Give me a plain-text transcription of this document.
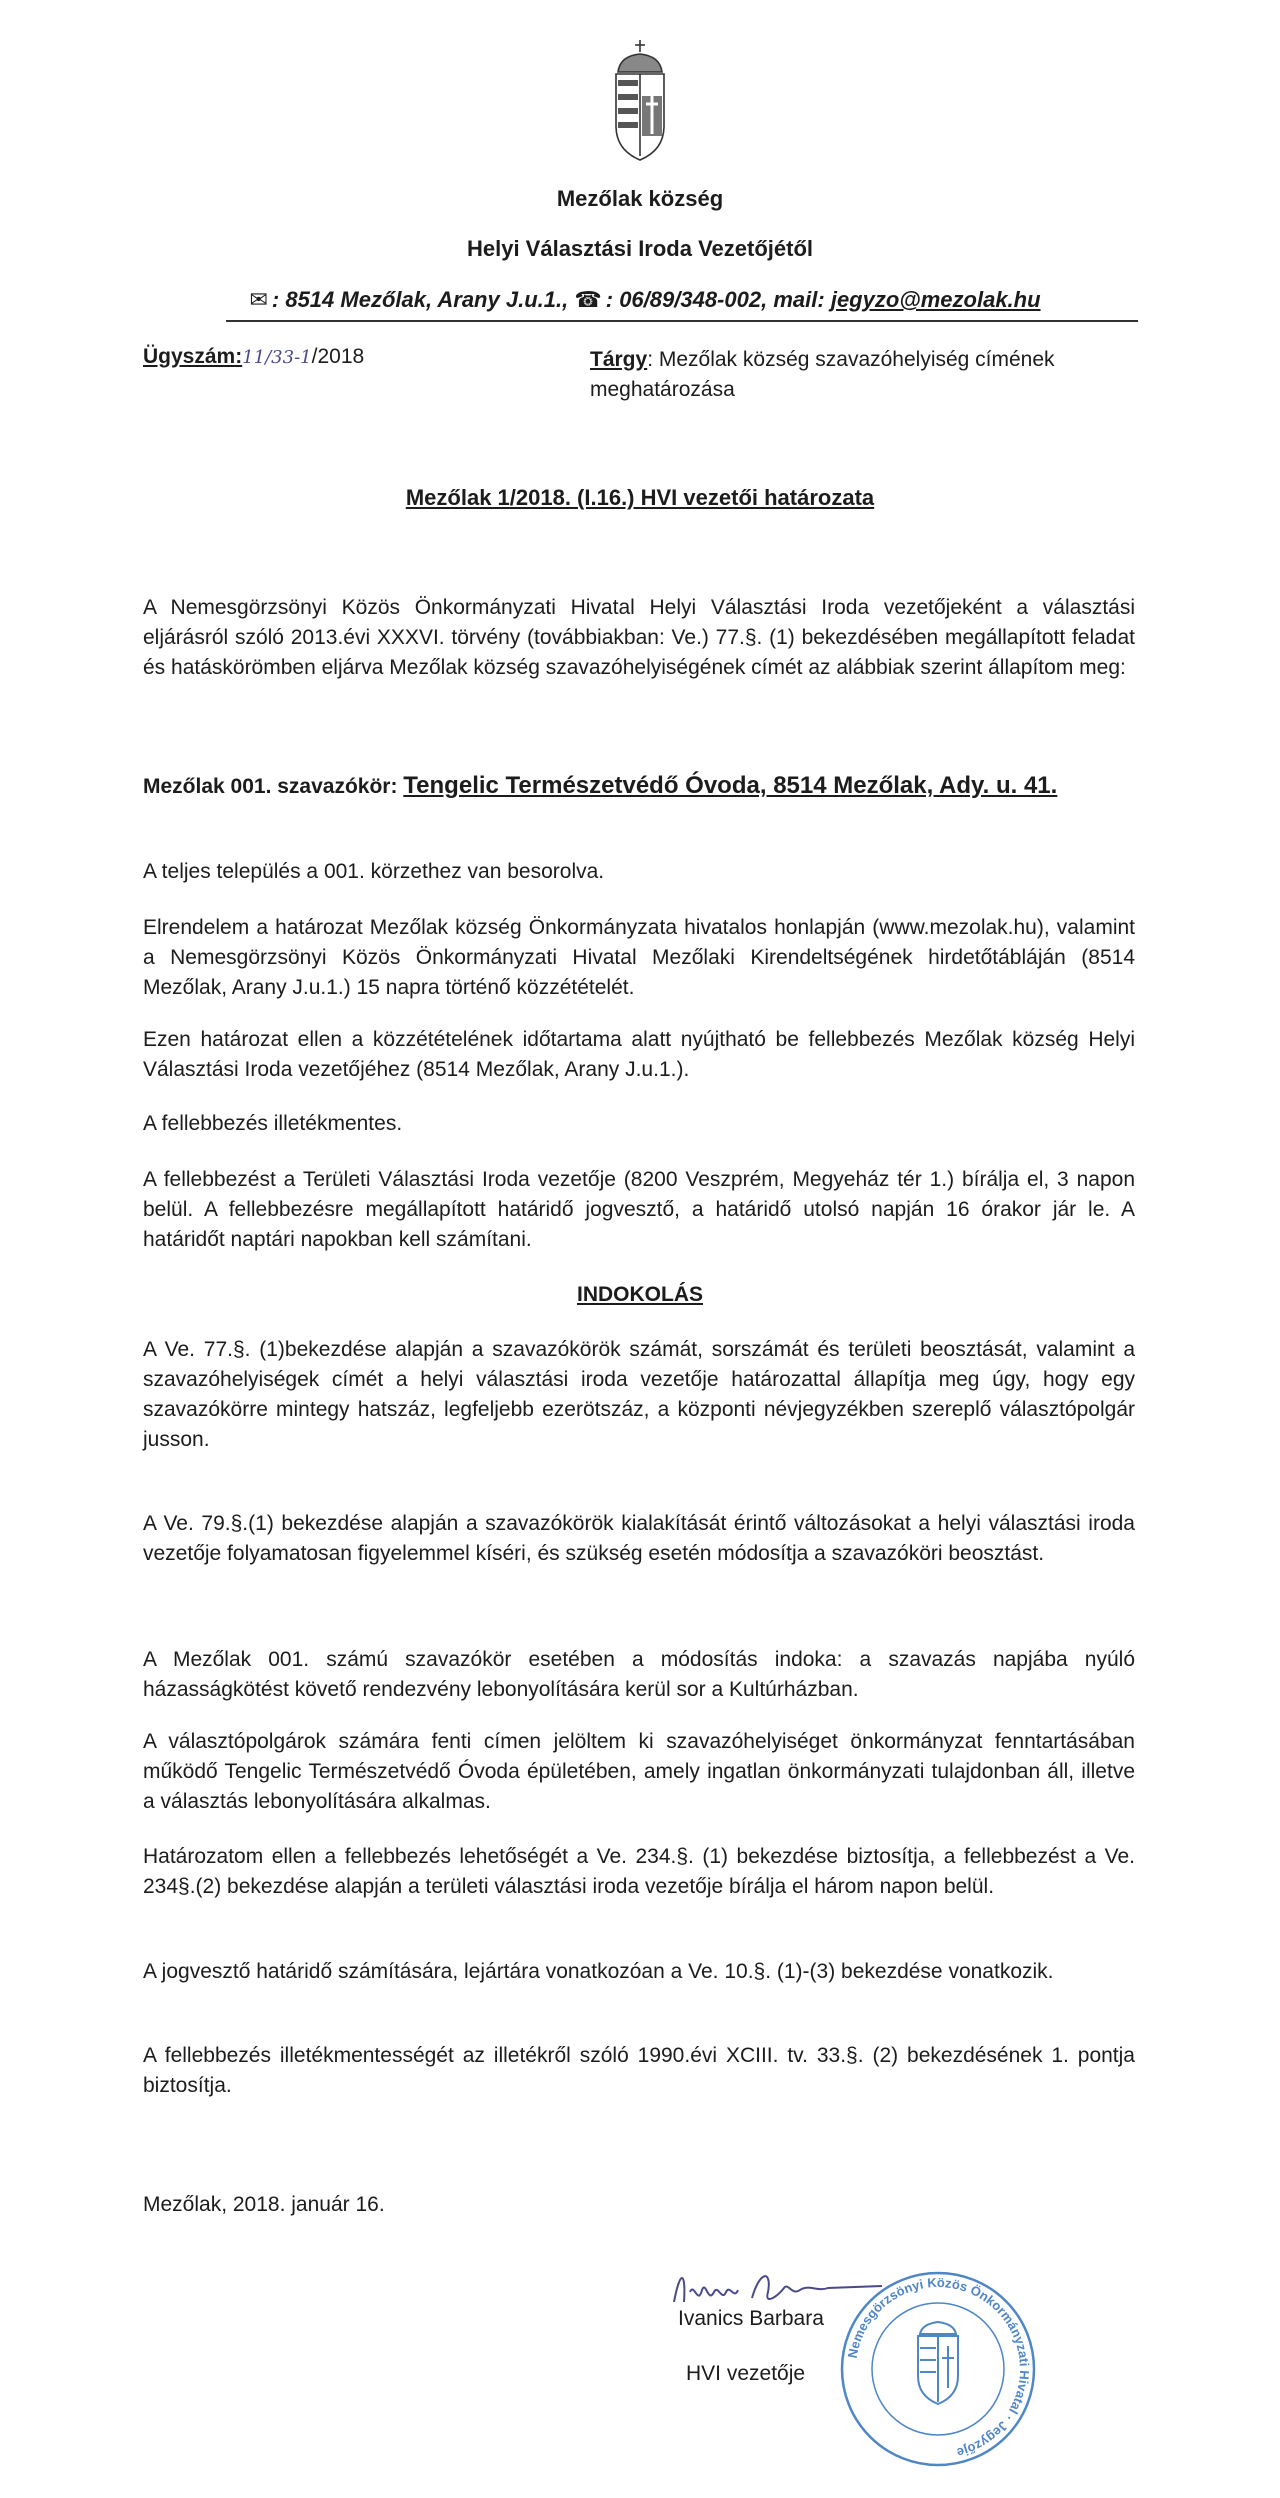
Mezőlak község
Helyi Választási Iroda Vezetőjétől
✉ : 8514 Mezőlak, Arany J.u.1., ☎ : 06/89/348-002, mail: jegyzo@mezolak.hu
Ügyszám:11/33-1/2018	Tárgy: Mezőlak község szavazóhelyiség címének meghatározása
Mezőlak 1/2018. (I.16.) HVI vezetői határozata

A Nemesgörzsönyi Közös Önkormányzati Hivatal Helyi Választási Iroda vezetőjeként a választási eljárásról szóló 2013.évi XXXVI. törvény (továbbiakban: Ve.) 77.§. (1) bekezdésében megállapított feladat és hatáskörömben eljárva Mezőlak község szavazóhelyiségének címét az alábbiak szerint állapítom meg:

Mezőlak 001. szavazókör: Tengelic Természetvédő Óvoda, 8514 Mezőlak, Ady. u. 41.

A teljes település a 001. körzethez van besorolva.

Elrendelem a határozat Mezőlak község Önkormányzata hivatalos honlapján (www.mezolak.hu), valamint a Nemesgörzsönyi Közös Önkormányzati Hivatal Mezőlaki Kirendeltségének hirdetőtábláján (8514 Mezőlak, Arany J.u.1.) 15 napra történő közzétételét.

Ezen határozat ellen a közzétételének időtartama alatt nyújtható be fellebbezés Mezőlak község Helyi Választási Iroda vezetőjéhez (8514 Mezőlak, Arany J.u.1.).

A fellebbezés illetékmentes.

A fellebbezést a Területi Választási Iroda vezetője (8200 Veszprém, Megyeház tér 1.) bírálja el, 3 napon belül. A fellebbezésre megállapított határidő jogvesztő, a határidő utolsó napján 16 órakor jár le. A határidőt naptári napokban kell számítani.

INDOKOLÁS

A Ve. 77.§. (1)bekezdése alapján a szavazókörök számát, sorszámát és területi beosztását, valamint a szavazóhelyiségek címét a helyi választási iroda vezetője határozattal állapítja meg úgy, hogy egy szavazókörre mintegy hatszáz, legfeljebb ezerötszáz, a központi névjegyzékben szereplő választópolgár jusson.

A Ve. 79.§.(1) bekezdése alapján a szavazókörök kialakítását érintő változásokat a helyi választási iroda vezetője folyamatosan figyelemmel kíséri, és szükség esetén módosítja a szavazóköri beosztást.

A Mezőlak 001. számú szavazókör esetében a módosítás indoka: a szavazás napjába nyúló házasságkötést követő rendezvény lebonyolítására kerül sor a Kultúrházban.

A választópolgárok számára fenti címen jelöltem ki szavazóhelyiséget önkormányzat fenntartásában működő Tengelic Természetvédő Óvoda épületében, amely ingatlan önkormányzati tulajdonban áll, illetve a választás lebonyolítására alkalmas.

Határozatom ellen a fellebbezés lehetőségét a Ve. 234.§. (1) bekezdése biztosítja, a fellebbezést a Ve. 234§.(2) bekezdése alapján a területi választási iroda vezetője bírálja el három napon belül.

A jogvesztő határidő számítására, lejártára vonatkozóan a Ve. 10.§. (1)-(3) bekezdése vonatkozik.

A fellebbezés illetékmentességét az illetékről szóló 1990.évi XCIII. tv. 33.§. (2) bekezdésének 1. pontja biztosítja.

Mezőlak, 2018. január 16.
Ivanics Barbara
HVI vezetője
Nemesgörzsönyi Közös Önkormányzati Hivatal · Jegyzője
